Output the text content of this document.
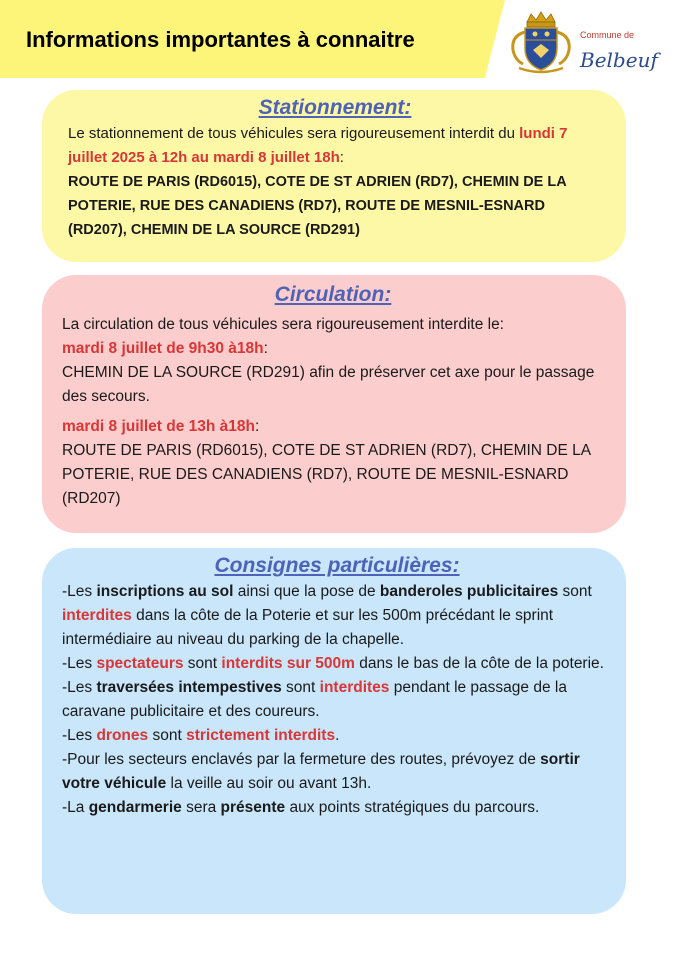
Informations importantes à connaitre	Commune de
Belbeuf
Stationnement:
Le stationnement de tous véhicules sera rigoureusement interdit du lundi 7 juillet 2025 à 12h au mardi 8 juillet 18h:
ROUTE DE PARIS (RD6015), COTE DE ST ADRIEN (RD7), CHEMIN DE LA POTERIE, RUE DES CANADIENS (RD7), ROUTE DE MESNIL-ESNARD (RD207), CHEMIN DE LA SOURCE (RD291)
Circulation:
La circulation de tous véhicules sera rigoureusement interdite le:
mardi 8 juillet de 9h30 à18h:
CHEMIN DE LA SOURCE (RD291) afin de préserver cet axe pour le passage des secours.
mardi 8 juillet de 13h à18h:
ROUTE DE PARIS (RD6015), COTE DE ST ADRIEN (RD7), CHEMIN DE LA POTERIE, RUE DES CANADIENS (RD7), ROUTE DE MESNIL-ESNARD (RD207)
Consignes particulières:
-Les inscriptions au sol ainsi que la pose de banderoles publicitaires sont interdites dans la côte de la Poterie et sur les 500m précédant le sprint intermédiaire au niveau du parking de la chapelle.
-Les spectateurs sont interdits sur 500m dans le bas de la côte de la poterie.
-Les traversées intempestives sont interdites pendant le passage de la caravane publicitaire et des coureurs.
-Les drones sont strictement interdits.
-Pour les secteurs enclavés par la fermeture des routes, prévoyez de sortir votre véhicule la veille au soir ou avant 13h.
-La gendarmerie sera présente aux points stratégiques du parcours.
